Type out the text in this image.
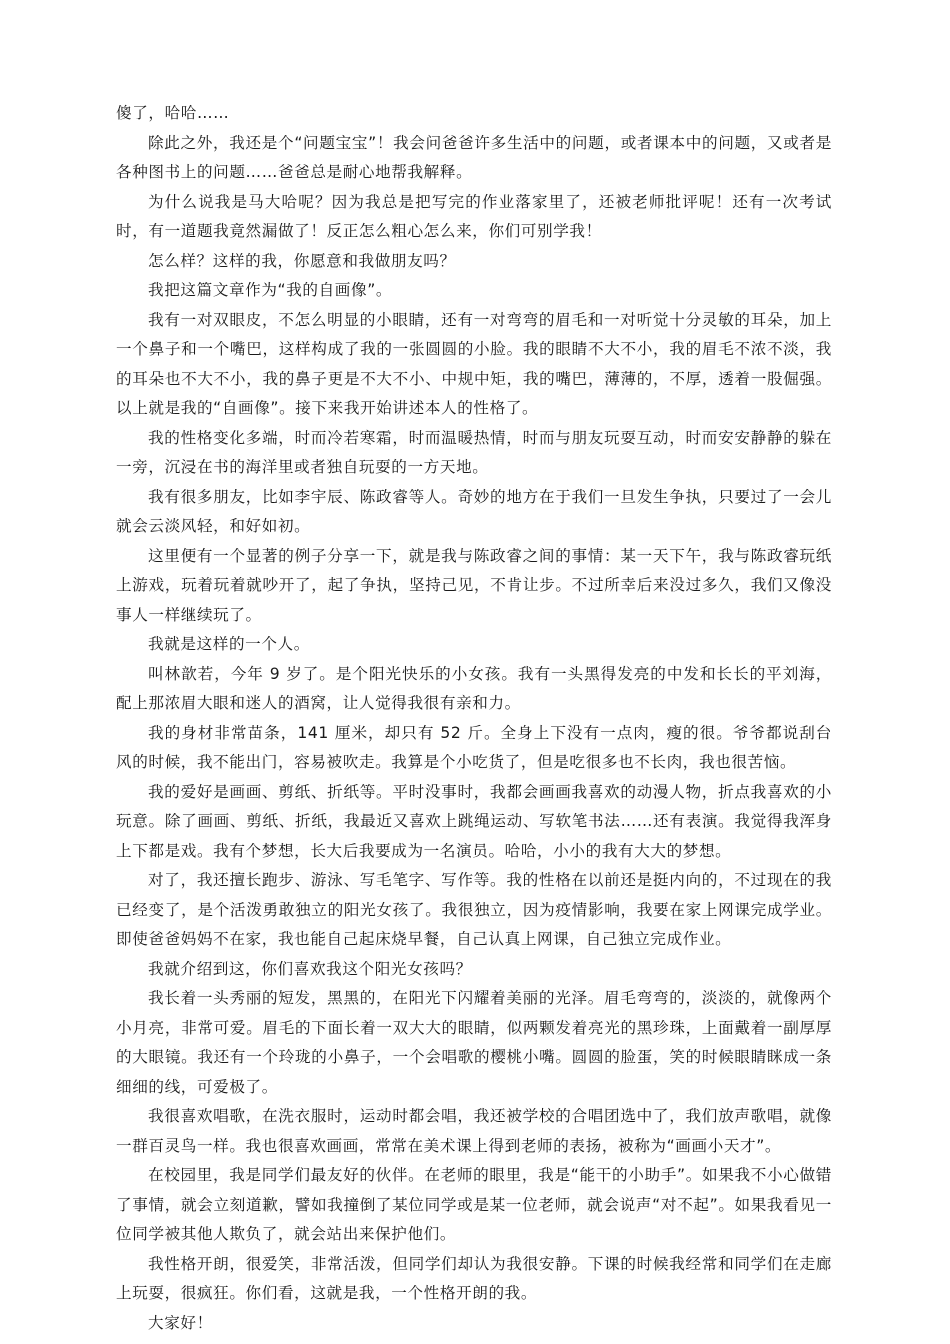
傻了，哈哈……

除此之外，我还是个“问题宝宝”！我会问爸爸许多生活中的问题，或者课本中的问题，又或者是各种图书上的问题……爸爸总是耐心地帮我解释。

为什么说我是马大哈呢？因为我总是把写完的作业落家里了，还被老师批评呢！还有一次考试时，有一道题我竟然漏做了！反正怎么粗心怎么来，你们可别学我！

怎么样？这样的我，你愿意和我做朋友吗？

我把这篇文章作为“我的自画像”。

我有一对双眼皮，不怎么明显的小眼睛，还有一对弯弯的眉毛和一对听觉十分灵敏的耳朵，加上一个鼻子和一个嘴巴，这样构成了我的一张圆圆的小脸。我的眼睛不大不小，我的眉毛不浓不淡，我的耳朵也不大不小，我的鼻子更是不大不小、中规中矩，我的嘴巴，薄薄的，不厚，透着一股倔强。以上就是我的“自画像”。接下来我开始讲述本人的性格了。

我的性格变化多端，时而冷若寒霜，时而温暖热情，时而与朋友玩耍互动，时而安安静静的躲在一旁，沉浸在书的海洋里或者独自玩耍的一方天地。

我有很多朋友，比如李宇辰、陈政睿等人。奇妙的地方在于我们一旦发生争执，只要过了一会儿就会云淡风轻，和好如初。

这里便有一个显著的例子分享一下，就是我与陈政睿之间的事情：某一天下午，我与陈政睿玩纸上游戏，玩着玩着就吵开了，起了争执，坚持己见，不肯让步。不过所幸后来没过多久，我们又像没事人一样继续玩了。

我就是这样的一个人。

叫林歆若，今年 9 岁了。是个阳光快乐的小女孩。我有一头黑得发亮的中发和长长的平刘海，配上那浓眉大眼和迷人的酒窝，让人觉得我很有亲和力。

我的身材非常苗条，141 厘米，却只有 52 斤。全身上下没有一点肉，瘦的很。爷爷都说刮台风的时候，我不能出门，容易被吹走。我算是个小吃货了，但是吃很多也不长肉，我也很苦恼。

我的爱好是画画、剪纸、折纸等。平时没事时，我都会画画我喜欢的动漫人物，折点我喜欢的小玩意。除了画画、剪纸、折纸，我最近又喜欢上跳绳运动、写软笔书法……还有表演。我觉得我浑身上下都是戏。我有个梦想，长大后我要成为一名演员。哈哈，小小的我有大大的梦想。

对了，我还擅长跑步、游泳、写毛笔字、写作等。我的性格在以前还是挺内向的，不过现在的我已经变了，是个活泼勇敢独立的阳光女孩了。我很独立，因为疫情影响，我要在家上网课完成学业。即使爸爸妈妈不在家，我也能自己起床烧早餐，自己认真上网课，自己独立完成作业。

我就介绍到这，你们喜欢我这个阳光女孩吗？

我长着一头秀丽的短发，黑黑的，在阳光下闪耀着美丽的光泽。眉毛弯弯的，淡淡的，就像两个小月亮，非常可爱。眉毛的下面长着一双大大的眼睛，似两颗发着亮光的黑珍珠，上面戴着一副厚厚的大眼镜。我还有一个玲珑的小鼻子，一个会唱歌的樱桃小嘴。圆圆的脸蛋，笑的时候眼睛眯成一条细细的线，可爱极了。

我很喜欢唱歌，在洗衣服时，运动时都会唱，我还被学校的合唱团选中了，我们放声歌唱，就像一群百灵鸟一样。我也很喜欢画画，常常在美术课上得到老师的表扬，被称为“画画小天才”。

在校园里，我是同学们最友好的伙伴。在老师的眼里，我是“能干的小助手”。如果我不小心做错了事情，就会立刻道歉，譬如我撞倒了某位同学或是某一位老师，就会说声“对不起”。如果我看见一位同学被其他人欺负了，就会站出来保护他们。

我性格开朗，很爱笑，非常活泼，但同学们却认为我很安静。下课的时候我经常和同学们在走廊上玩耍，很疯狂。你们看，这就是我，一个性格开朗的我。

大家好！
